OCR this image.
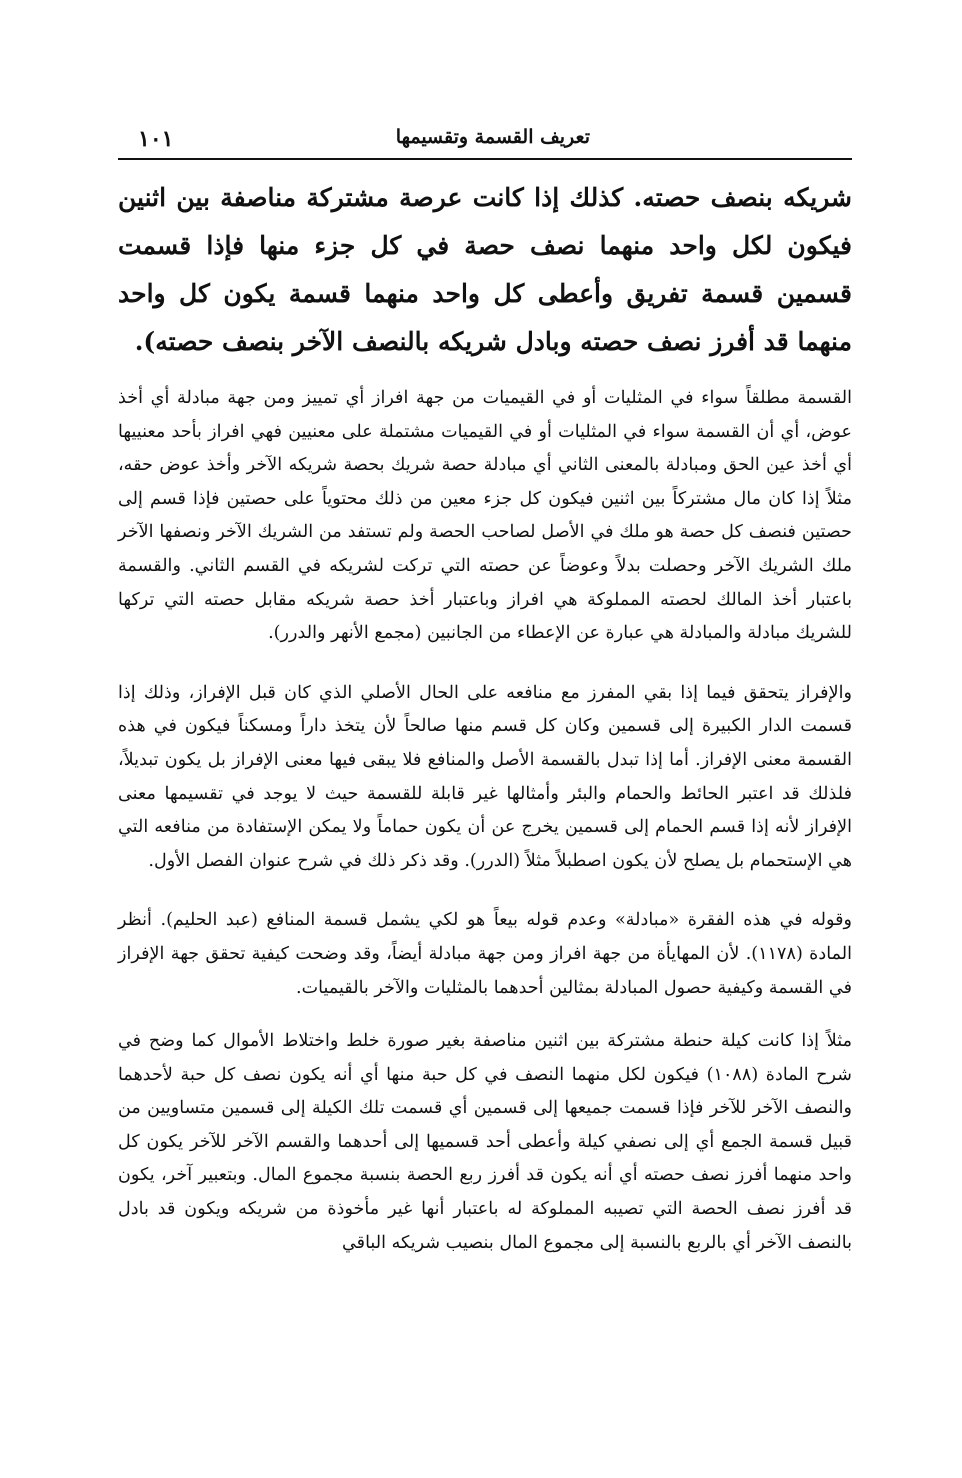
تعريف القسمة وتقسيمها
١٠١

شريكه بنصف حصته. كذلك إذا كانت عرصة مشتركة مناصفة بين اثنين فيكون لكل واحد منهما نصف حصة في كل جزء منها فإذا قسمت قسمين قسمة تفريق وأعطى كل واحد منهما قسمة يكون كل واحد منهما قد أفرز نصف حصته وبادل شريكه بالنصف الآخر بنصف حصته).

القسمة مطلقاً سواء في المثليات أو في القيميات من جهة افراز أي تمييز ومن جهة مبادلة أي أخذ عوض، أي أن القسمة سواء في المثليات أو في القيميات مشتملة على معنيين فهي افراز بأحد معنييها أي أخذ عين الحق ومبادلة بالمعنى الثاني أي مبادلة حصة شريك بحصة شريكه الآخر وأخذ عوض حقه، مثلاً إذا كان مال مشتركاً بين اثنين فيكون كل جزء معين من ذلك محتوياً على حصتين فإذا قسم إلى حصتين فنصف كل حصة هو ملك في الأصل لصاحب الحصة ولم تستفد من الشريك الآخر ونصفها الآخر ملك الشريك الآخر وحصلت بدلاً وعوضاً عن حصته التي تركت لشريكه في القسم الثاني. والقسمة باعتبار أخذ المالك لحصته المملوكة هي افراز وباعتبار أخذ حصة شريكه مقابل حصته التي تركها للشريك مبادلة والمبادلة هي عبارة عن الإعطاء من الجانبين (مجمع الأنهر والدرر).

والإفراز يتحقق فيما إذا بقي المفرز مع منافعه على الحال الأصلي الذي كان قبل الإفراز، وذلك إذا قسمت الدار الكبيرة إلى قسمين وكان كل قسم منها صالحاً لأن يتخذ داراً ومسكناً فيكون في هذه القسمة معنى الإفراز. أما إذا تبدل بالقسمة الأصل والمنافع فلا يبقى فيها معنى الإفراز بل يكون تبديلاً، فلذلك قد اعتبر الحائط والحمام والبئر وأمثالها غير قابلة للقسمة حيث لا يوجد في تقسيمها معنى الإفراز لأنه إذا قسم الحمام إلى قسمين يخرج عن أن يكون حماماً ولا يمكن الإستفادة من منافعه التي هي الإستحمام بل يصلح لأن يكون اصطبلاً مثلاً (الدرر). وقد ذكر ذلك في شرح عنوان الفصل الأول.

وقوله في هذه الفقرة «مبادلة» وعدم قوله بيعاً هو لكي يشمل قسمة المنافع (عبد الحليم). أنظر المادة (١١٧٨). لأن المهايأة من جهة افراز ومن جهة مبادلة أيضاً، وقد وضحت كيفية تحقق جهة الإفراز في القسمة وكيفية حصول المبادلة بمثالين أحدهما بالمثليات والآخر بالقيميات.

مثلاً إذا كانت كيلة حنطة مشتركة بين اثنين مناصفة بغير صورة خلط واختلاط الأموال كما وضح في شرح المادة (١٠٨٨) فيكون لكل منهما النصف في كل حبة منها أي أنه يكون نصف كل حبة لأحدهما والنصف الآخر للآخر فإذا قسمت جميعها إلى قسمين أي قسمت تلك الكيلة إلى قسمين متساويين من قبيل قسمة الجمع أي إلى نصفي كيلة وأعطى أحد قسميها إلى أحدهما والقسم الآخر للآخر يكون كل واحد منهما أفرز نصف حصته أي أنه يكون قد أفرز ربع الحصة بنسبة مجموع المال. وبتعبير آخر، يكون قد أفرز نصف الحصة التي تصيبه المملوكة له باعتبار أنها غير مأخوذة من شريكه ويكون قد بادل بالنصف الآخر أي بالربع بالنسبة إلى مجموع المال بنصيب شريكه الباقي
